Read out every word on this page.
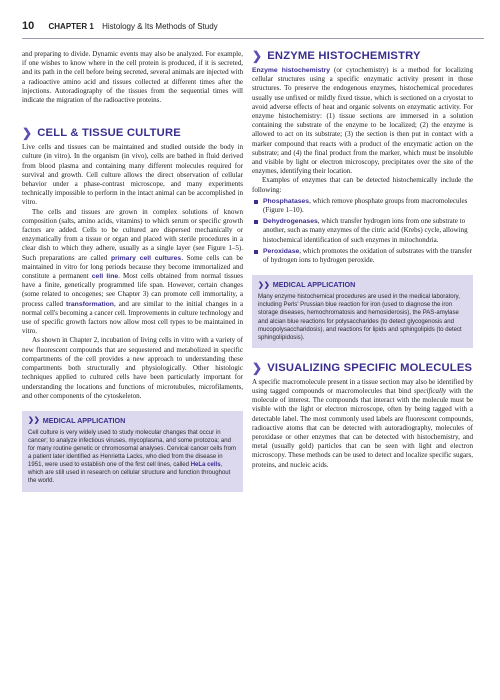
10 CHAPTER 1 Histology & Its Methods of Study

and preparing to divide. Dynamic events may also be analyzed. For example, if one wishes to know where in the cell protein is produced, if it is secreted, and its path in the cell before being secreted, several animals are injected with a radioactive amino acid and tissues collected at different times after the injections. Autoradiography of the tissues from the sequential times will indicate the migration of the radioactive proteins.

❯ CELL & TISSUE CULTURE

Live cells and tissues can be maintained and studied outside the body in culture (in vitro). In the organism (in vivo), cells are bathed in fluid derived from blood plasma and containing many different molecules required for survival and growth. Cell culture allows the direct observation of cellular behavior under a phase-contrast microscope, and many experiments technically impossible to perform in the intact animal can be accomplished in vitro.

The cells and tissues are grown in complex solutions of known composition (salts, amino acids, vitamins) to which serum or specific growth factors are added. Cells to be cultured are dispersed mechanically or enzymatically from a tissue or organ and placed with sterile procedures in a clear dish to which they adhere, usually as a single layer (see Figure 1–5). Such preparations are called primary cell cultures. Some cells can be maintained in vitro for long periods because they become immortalized and constitute a permanent cell line. Most cells obtained from normal tissues have a finite, genetically programmed life span. However, certain changes (some related to oncogenes; see Chapter 3) can promote cell immortality, a process called transformation, and are similar to the initial changes in a normal cell's becoming a cancer cell. Improvements in culture technology and use of specific growth factors now allow most cell types to be maintained in vitro.

As shown in Chapter 2, incubation of living cells in vitro with a variety of new fluorescent compounds that are sequestered and metabolized in specific compartments of the cell provides a new approach to understanding these compartments both structurally and physiologically. Other histologic techniques applied to cultured cells have been particularly important for understanding the locations and functions of microtubules, microfilaments, and other components of the cytoskeleton.

❯❯ MEDICAL APPLICATION

Cell culture is very widely used to study molecular changes that occur in cancer; to analyze infectious viruses, mycoplasma, and some protozoa; and for many routine genetic or chromosomal analyses. Cervical cancer cells from a patient later identified as Henrietta Lacks, who died from the disease in 1951, were used to establish one of the first cell lines, called HeLa cells, which are still used in research on cellular structure and function throughout the world.

❯ ENZYME HISTOCHEMISTRY

Enzyme histochemistry (or cytochemistry) is a method for localizing cellular structures using a specific enzymatic activity present in those structures. To preserve the endogenous enzymes, histochemical procedures usually use unfixed or mildly fixed tissue, which is sectioned on a cryostat to avoid adverse effects of heat and organic solvents on enzymatic activity. For enzyme histochemistry: (1) tissue sections are immersed in a solution containing the substrate of the enzyme to be localized; (2) the enzyme is allowed to act on its substrate; (3) the section is then put in contact with a marker compound that reacts with a product of the enzymatic action on the substrate; and (4) the final product from the marker, which must be insoluble and visible by light or electron microscopy, precipitates over the site of the enzymes, identifying their location.

Examples of enzymes that can be detected histochemically include the following:

Phosphatases, which remove phosphate groups from macromolecules (Figure 1–10).
Dehydrogenases, which transfer hydrogen ions from one substrate to another, such as many enzymes of the citric acid (Krebs) cycle, allowing histochemical identification of such enzymes in mitochondria.
Peroxidase, which promotes the oxidation of substrates with the transfer of hydrogen ions to hydrogen peroxide.
❯❯ MEDICAL APPLICATION

Many enzyme histochemical procedures are used in the medical laboratory, including Perls' Prussian blue reaction for iron (used to diagnose the iron storage diseases, hemochromatosis and hemosiderosis), the PAS-amylase and alcian blue reactions for polysaccharides (to detect glycogenosis and mucopolysaccharidosis), and reactions for lipids and sphingolipids (to detect sphingolipidosis).

❯ VISUALIZING SPECIFIC MOLECULES

A specific macromolecule present in a tissue section may also be identified by using tagged compounds or macromolecules that bind specifically with the molecule of interest. The compounds that interact with the molecule must be visible with the light or electron microscope, often by being tagged with a detectable label. The most commonly used labels are fluorescent compounds, radioactive atoms that can be detected with autoradiography, molecules of peroxidase or other enzymes that can be detected with histochemistry, and metal (usually gold) particles that can be seen with light and electron microscopy. These methods can be used to detect and localize specific sugars, proteins, and nucleic acids.
